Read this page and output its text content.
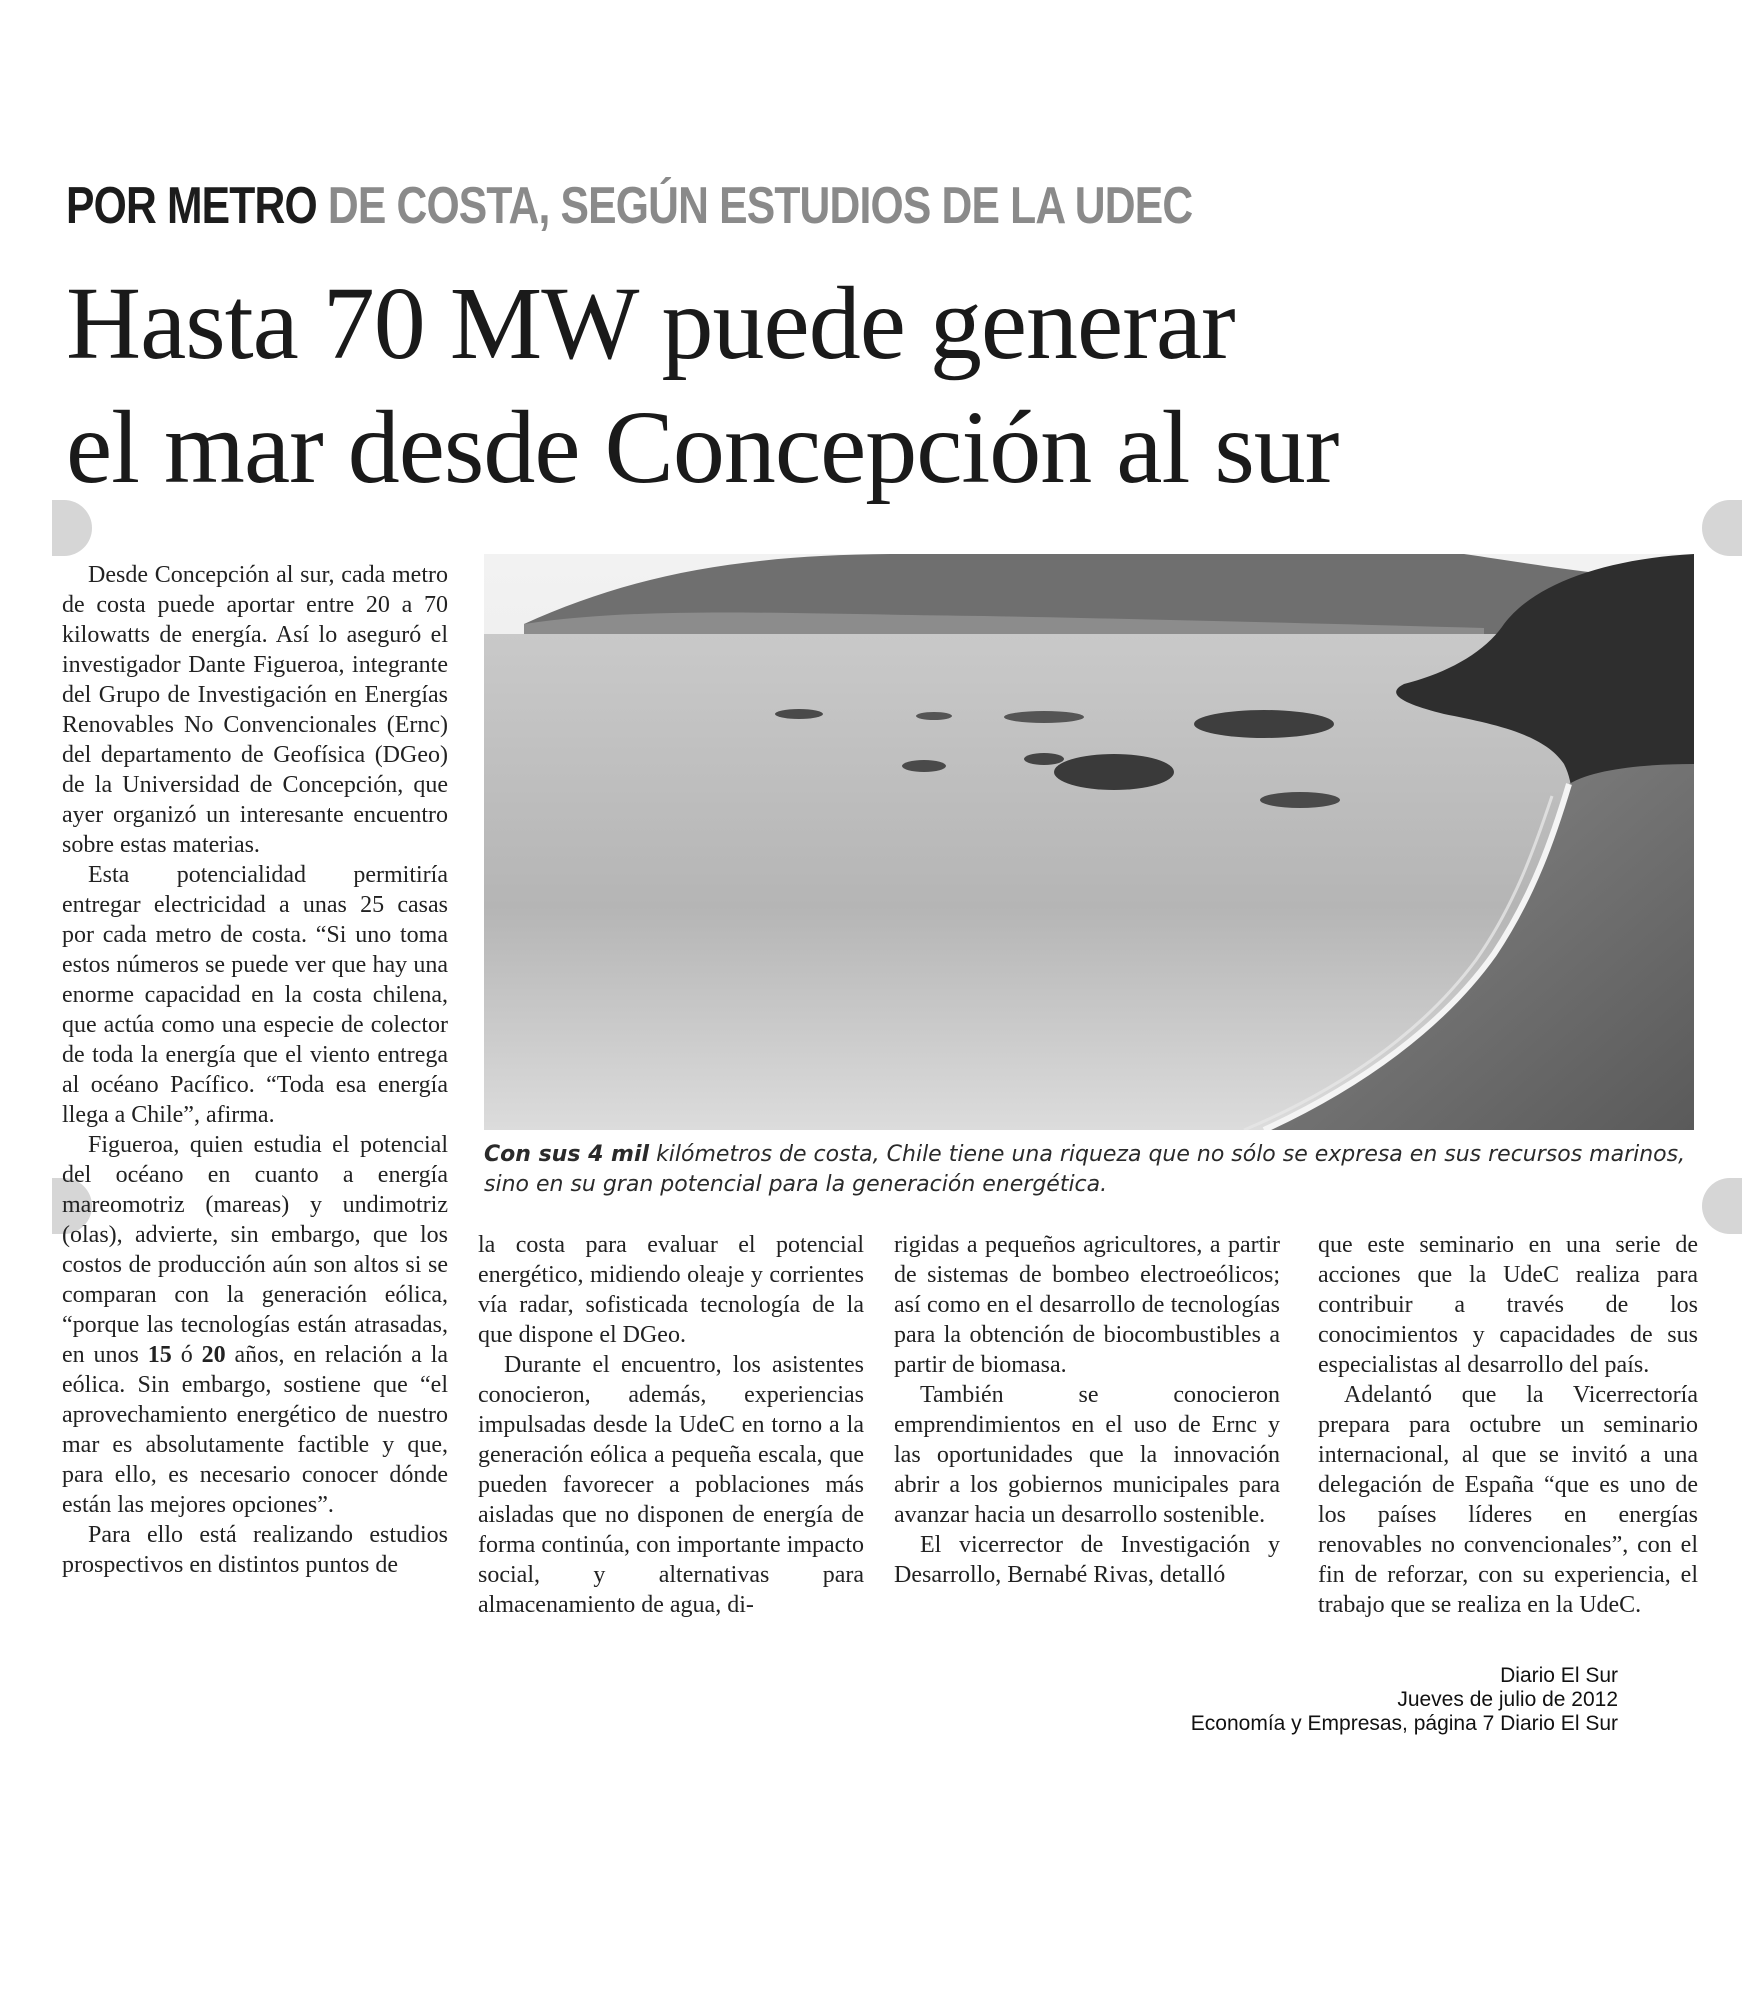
POR METRO DE COSTA, SEGÚN ESTUDIOS DE LA UDEC
Hasta 70 MW puede generar
el mar desde Concepción al sur
Con sus 4 mil kilómetros de costa, Chile tiene una riqueza que no sólo se expresa en sus recursos marinos, sino en su gran potencial para la generación energética.

Desde Concepción al sur, cada metro de costa puede aportar entre 20 a 70 kilowatts de energía. Así lo aseguró el investigador Dante Figueroa, integrante del Grupo de Investigación en Energías Renovables No Convencionales (Ernc) del departamento de Geofísica (DGeo) de la Universidad de Concepción, que ayer organizó un interesante encuentro sobre estas materias.

Esta potencialidad permitiría entregar electricidad a unas 25 casas por cada metro de costa. “Si uno toma estos números se puede ver que hay una enorme capacidad en la costa chilena, que actúa como una especie de colector de toda la energía que el viento entrega al océano Pacífico. “Toda esa energía llega a Chile”, afirma.

Figueroa, quien estudia el potencial del océano en cuanto a energía mareomotriz (mareas) y undimotriz (olas), advierte, sin embargo, que los costos de producción aún son altos si se comparan con la generación eólica, “porque las tecnologías están atrasadas, en unos 15 ó 20 años, en relación a la eólica. Sin embargo, sostiene que “el aprovechamiento energético de nuestro mar es absolutamente factible y que, para ello, es necesario conocer dónde están las mejores opciones”.

Para ello está realizando estudios prospectivos en distintos puntos de

la costa para evaluar el potencial energético, midiendo oleaje y corrientes vía radar, sofisticada tecnología de la que dispone el DGeo.

Durante el encuentro, los asistentes conocieron, además, experiencias impulsadas desde la UdeC en torno a la generación eólica a pequeña escala, que pueden favorecer a poblaciones más aisladas que no disponen de energía de forma continúa, con importante impacto social, y alternativas para almacenamiento de agua, di-

rigidas a pequeños agricultores, a partir de sistemas de bombeo electroeólicos; así como en el desarrollo de tecnologías para la obtención de biocombustibles a partir de biomasa.

También se conocieron emprendimientos en el uso de Ernc y las oportunidades que la innovación abrir a los gobiernos municipales para avanzar hacia un desarrollo sostenible.

El vicerrector de Investigación y Desarrollo, Bernabé Rivas, detalló

que este seminario en una serie de acciones que la UdeC realiza para contribuir a través de los conocimientos y capacidades de sus especialistas al desarrollo del país.

Adelantó que la Vicerrectoría prepara para octubre un seminario internacional, al que se invitó a una delegación de España “que es uno de los países líderes en energías renovables no convencionales”, con el fin de reforzar, con su experiencia, el trabajo que se realiza en la UdeC.

Diario El Sur
Jueves de julio de 2012
Economía y Empresas, página 7 Diario El Sur
